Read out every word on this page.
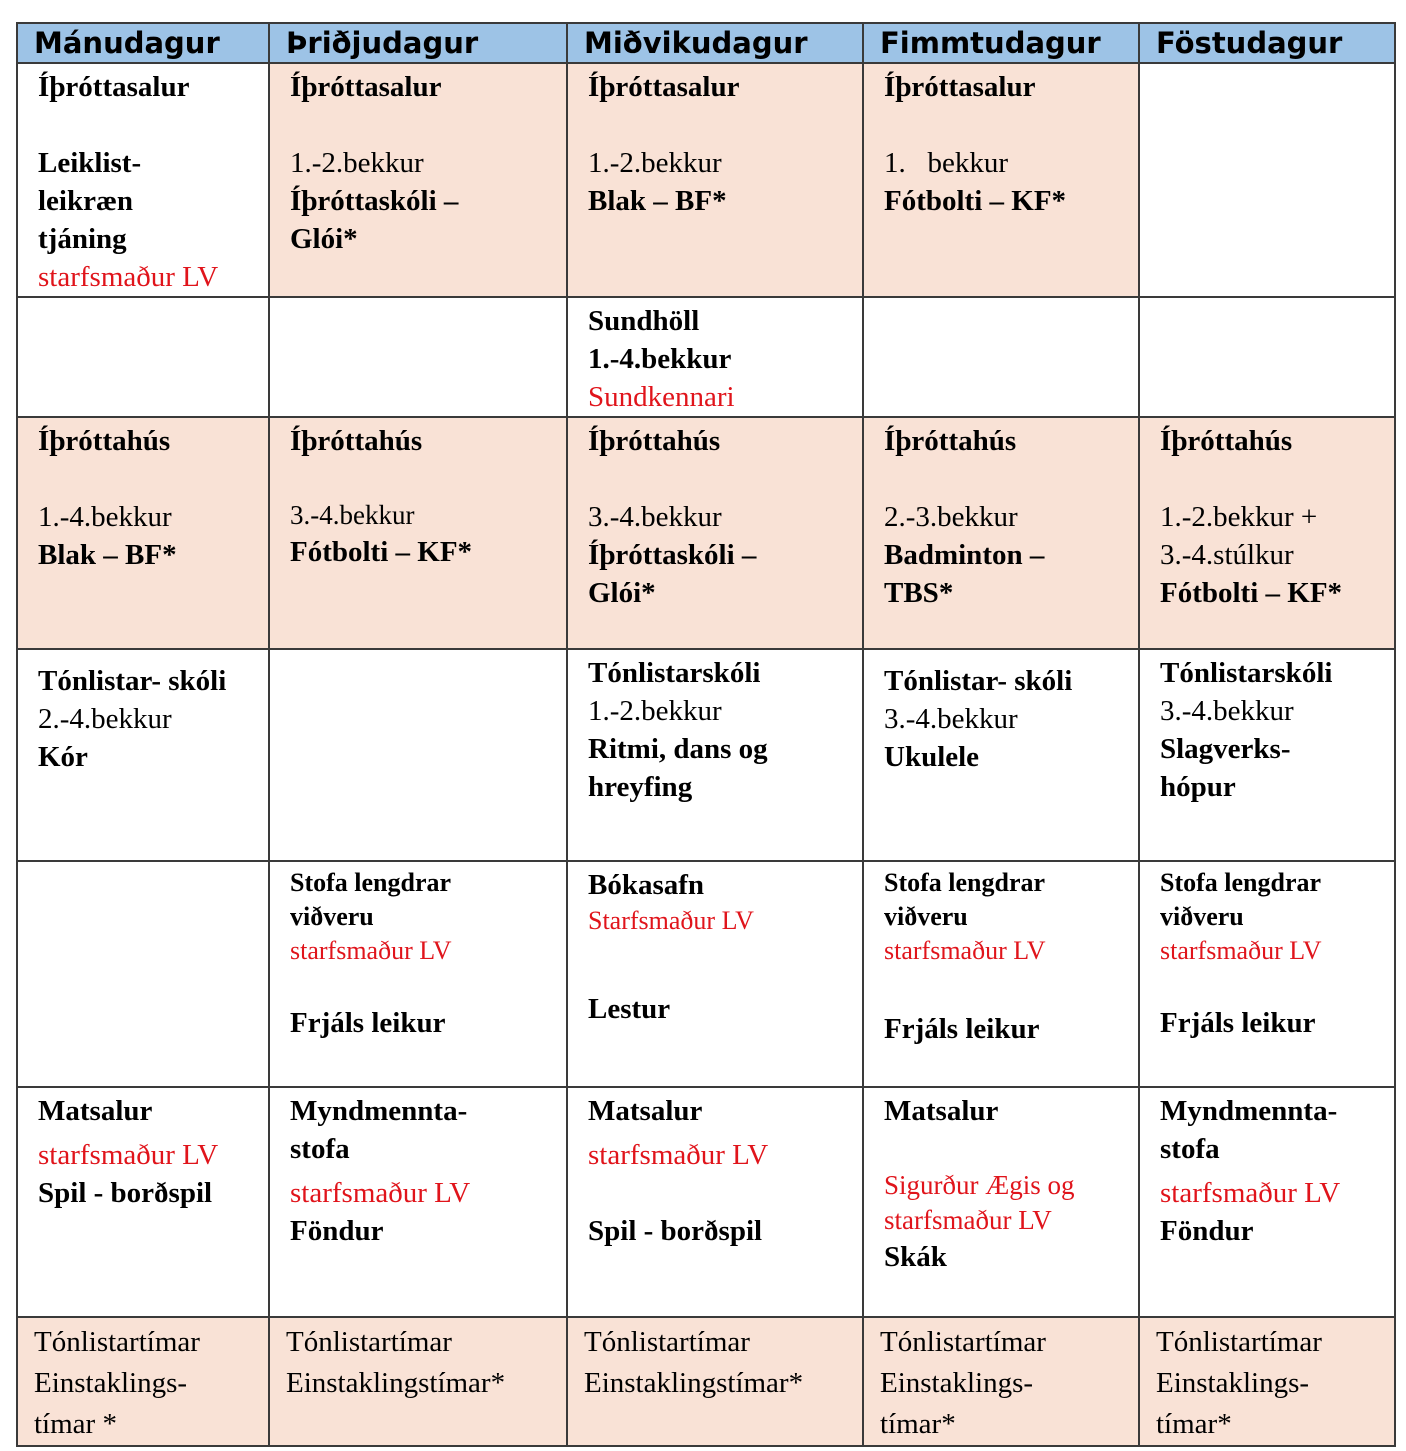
Mánudagur	Þriðjudagur	Miðvikudagur	Fimmtudagur	Föstudagur

Íþróttasalur
Leiklist-
leikræn
tjáning
starfsmaður LV	Íþróttasalur
1.-2.bekkur
Íþróttaskóli –
Glói*	Íþróttasalur
1.-2.bekkur
Blak – BF*	Íþróttasalur
1.   bekkur
Fótbolti – KF*	

		Sundhöll
1.-4.bekkur
Sundkennari		

Íþróttahús
1.-4.bekkur
Blak – BF*	Íþróttahús
3.-4.bekkur
Fótbolti – KF*	Íþróttahús
3.-4.bekkur
Íþróttaskóli –
Glói*	Íþróttahús
2.-3.bekkur
Badminton –
TBS*	Íþróttahús
1.-2.bekkur +
3.-4.stúlkur
Fótbolti – KF*

Tónlistar- skóli
2.-4.bekkur
Kór		Tónlistarskóli
1.-2.bekkur
Ritmi, dans og
hreyfing	Tónlistar- skóli
3.-4.bekkur
Ukulele	Tónlistarskóli
3.-4.bekkur
Slagverks-
hópur

	Stofa lengdrar
viðveru
starfsmaður LV
Frjáls leikur	Bókasafn
Starfsmaður LV
Lestur	Stofa lengdrar
viðveru
starfsmaður LV
Frjáls leikur	Stofa lengdrar
viðveru
starfsmaður LV
Frjáls leikur

Matsalur
starfsmaður LV
Spil - borðspil	Myndmennta-
stofa
starfsmaður LV
Föndur	Matsalur
starfsmaður LV
Spil - borðspil	Matsalur
Sigurður Ægis og
starfsmaður LV
Skák	Myndmennta-
stofa
starfsmaður LV
Föndur

Tónlistartímar
Einstaklings-
tímar *	Tónlistartímar
Einstaklingstímar*	Tónlistartímar
Einstaklingstímar*	Tónlistartímar
Einstaklings-
tímar*	Tónlistartímar
Einstaklings-
tímar*
